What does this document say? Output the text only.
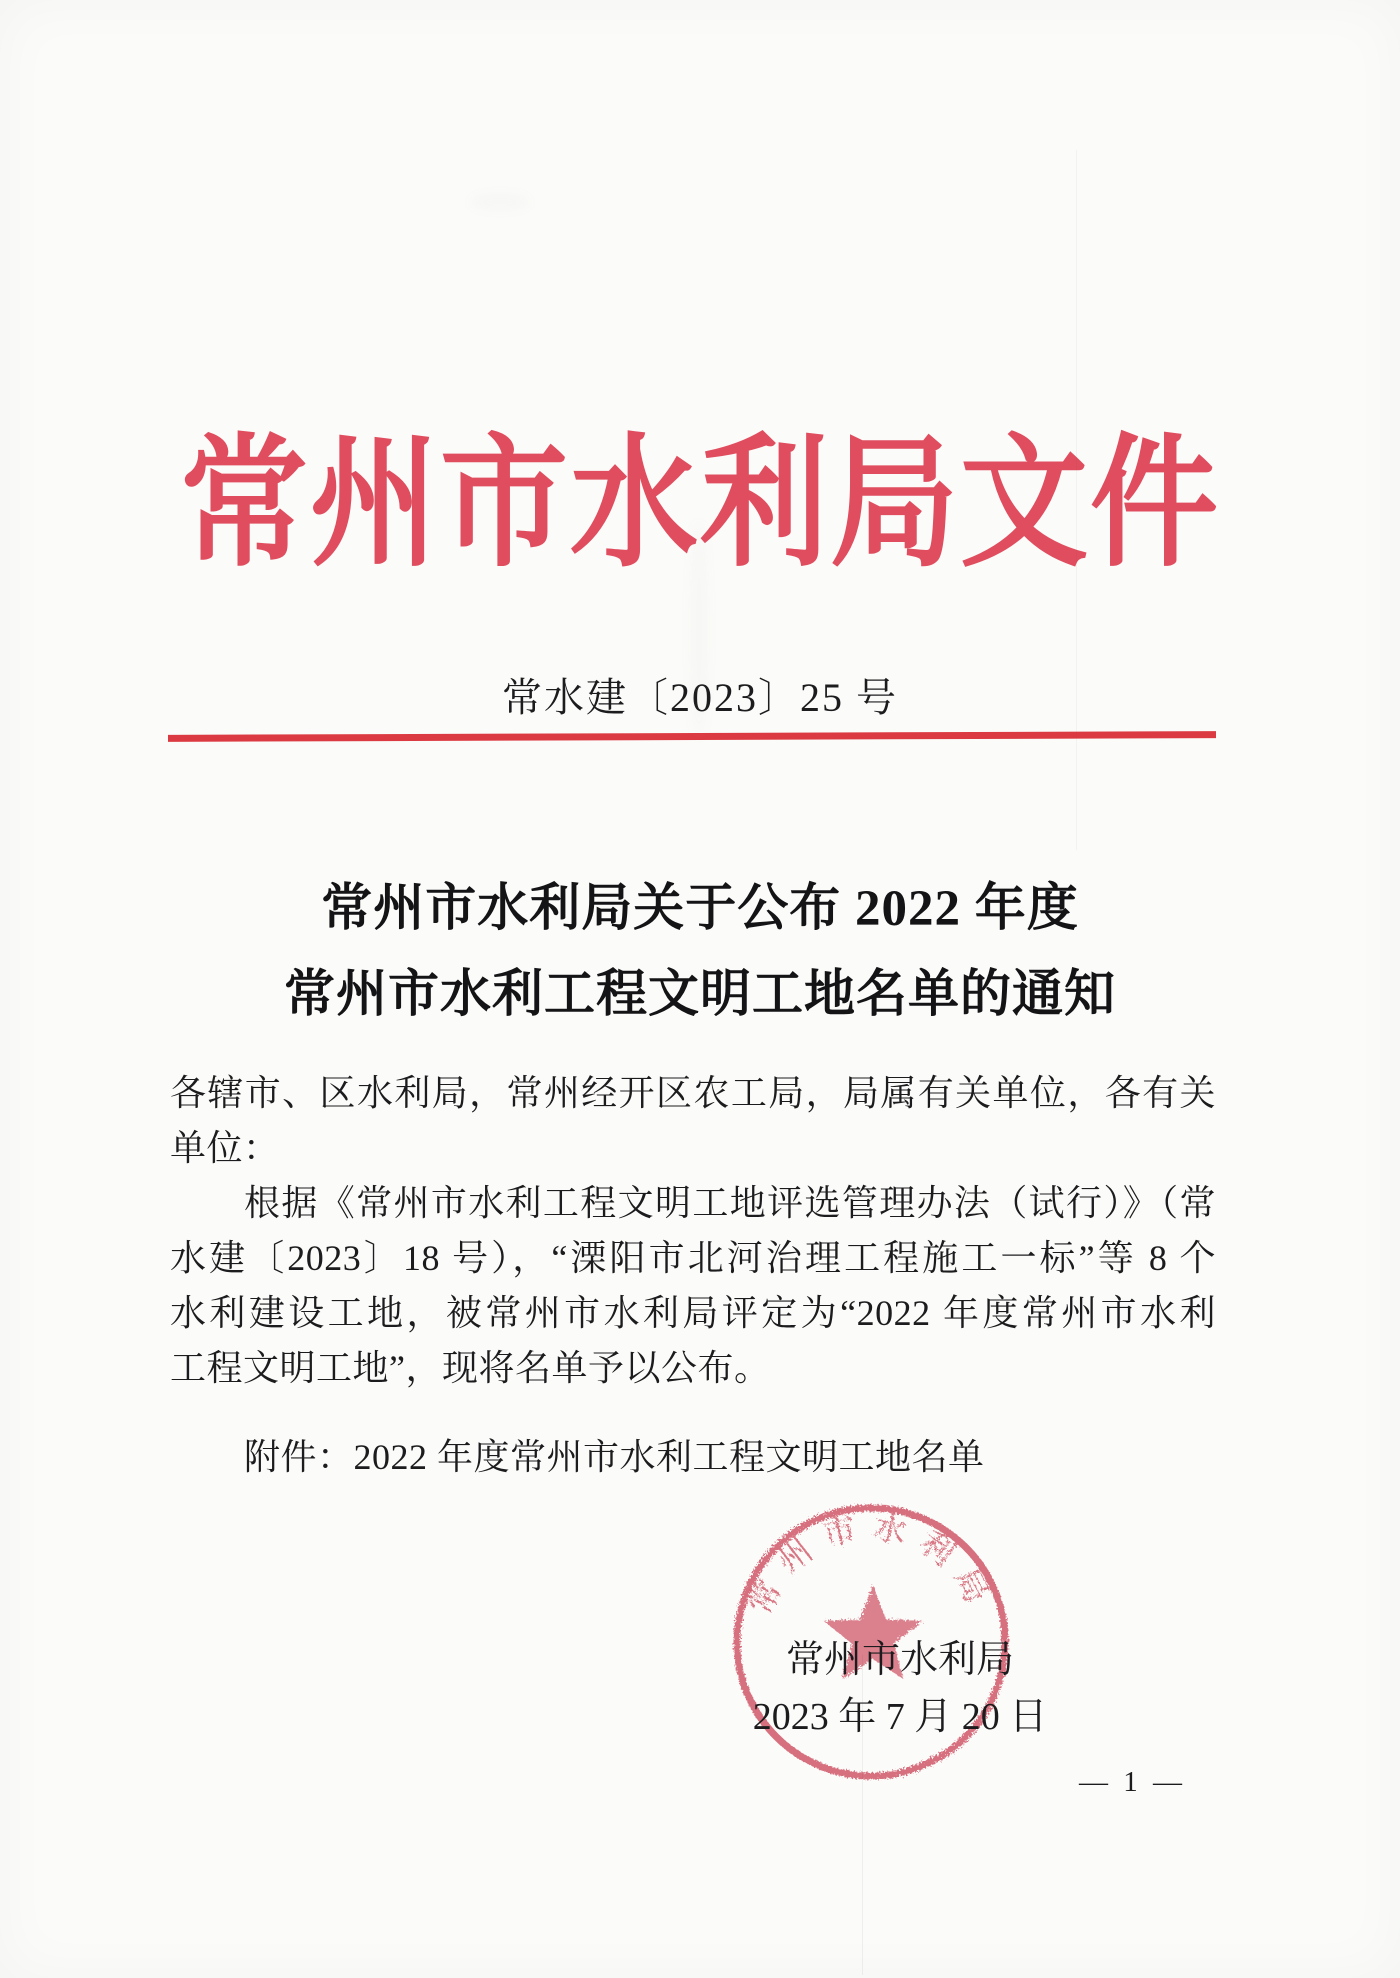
常州市水利局文件
常水建〔2023〕25 号
常州市水利局关于公布 2022 年度
常州市水利工程文明工地名单的通知
各辖市、区水利局，常州经开区农工局，局属有关单位，各有关
单位：
根据《常州市水利工程文明工地评选管理办法（试行）》（常
水建〔2023〕18 号），“溧阳市北河治理工程施工一标”等 8 个
水利建设工地，被常州市水利局评定为“2022 年度常州市水利
工程文明工地”，现将名单予以公布。
附件：2022 年度常州市水利工程文明工地名单
常州市水利局
常州市水利局
2023 年 7 月 20 日
— 1 —
